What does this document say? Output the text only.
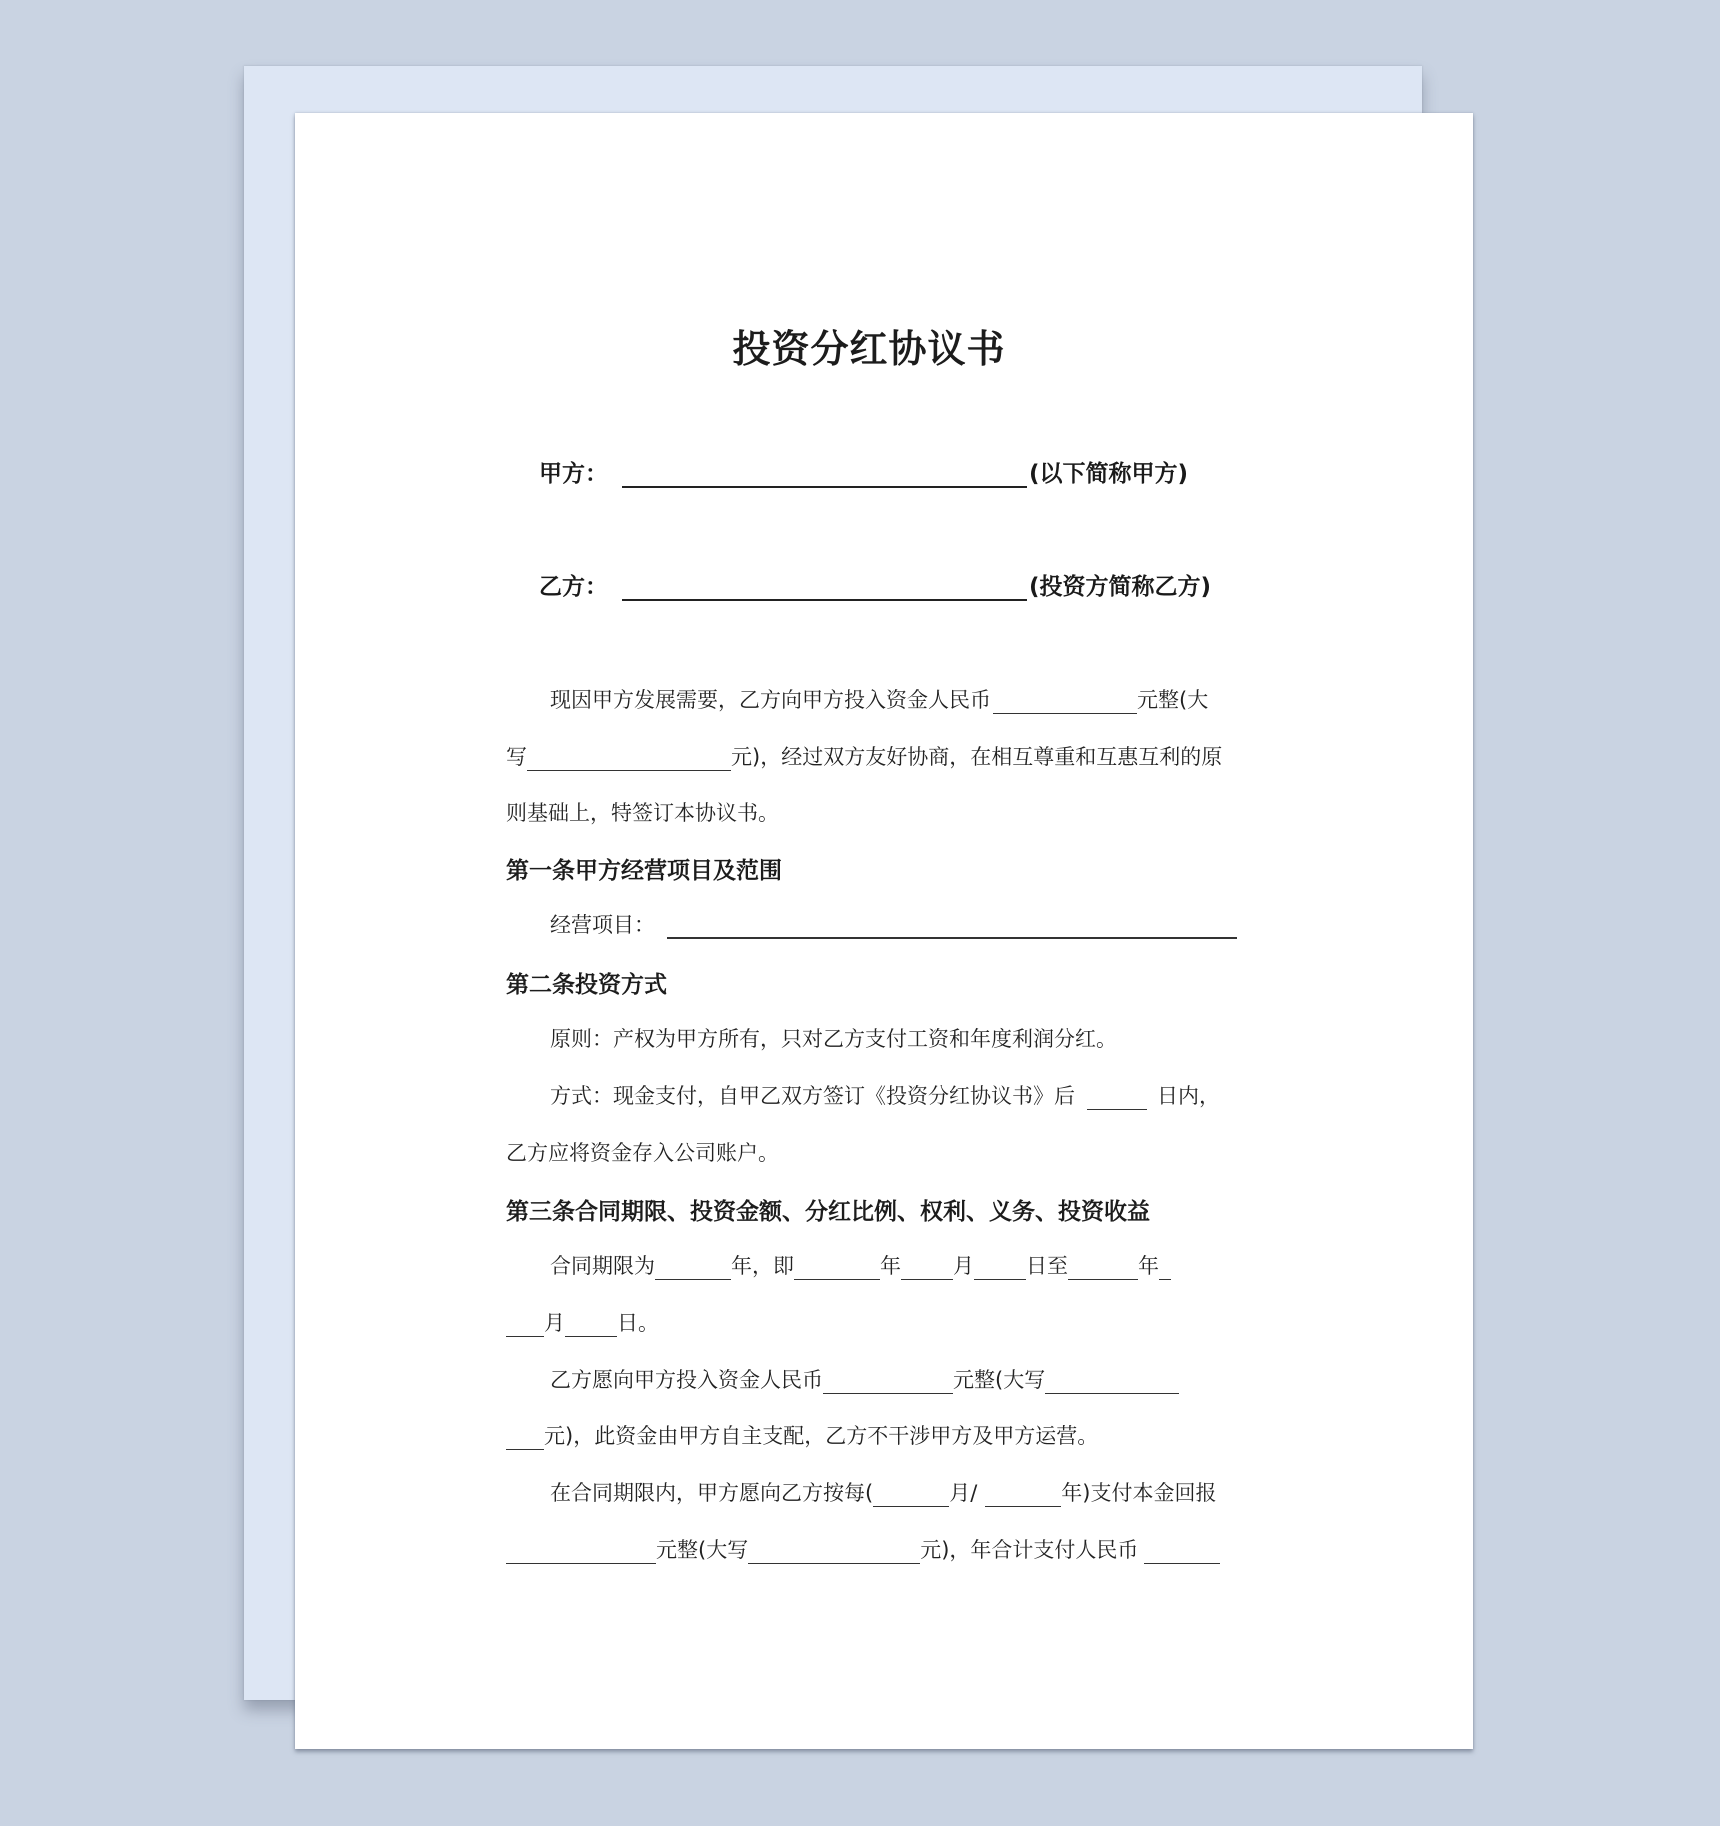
投资分红协议书
甲方：	(以下简称甲方)
乙方：	(投资方简称乙方)
现因甲方发展需要，乙方向甲方投入资金人民币	元整(大
写	元)，经过双方友好协商，在相互尊重和互惠互利的原
则基础上，特签订本协议书。
第一条甲方经营项目及范围
经营项目：
第二条投资方式
原则：产权为甲方所有，只对乙方支付工资和年度利润分红。
方式：现金支付，自甲乙双方签订《投资分红协议书》后	日内，
乙方应将资金存入公司账户。
第三条合同期限、投资金额、分红比例、权利、义务、投资收益
合同期限为	年，即	年 月 日至	年
月 日。
乙方愿向甲方投入资金人民币	元整(大写
元)，此资金由甲方自主支配，乙方不干涉甲方及甲方运营。
在合同期限内，甲方愿向乙方按每(	月/	年)支付本金回报
元整(大写	元)，年合计支付人民币
